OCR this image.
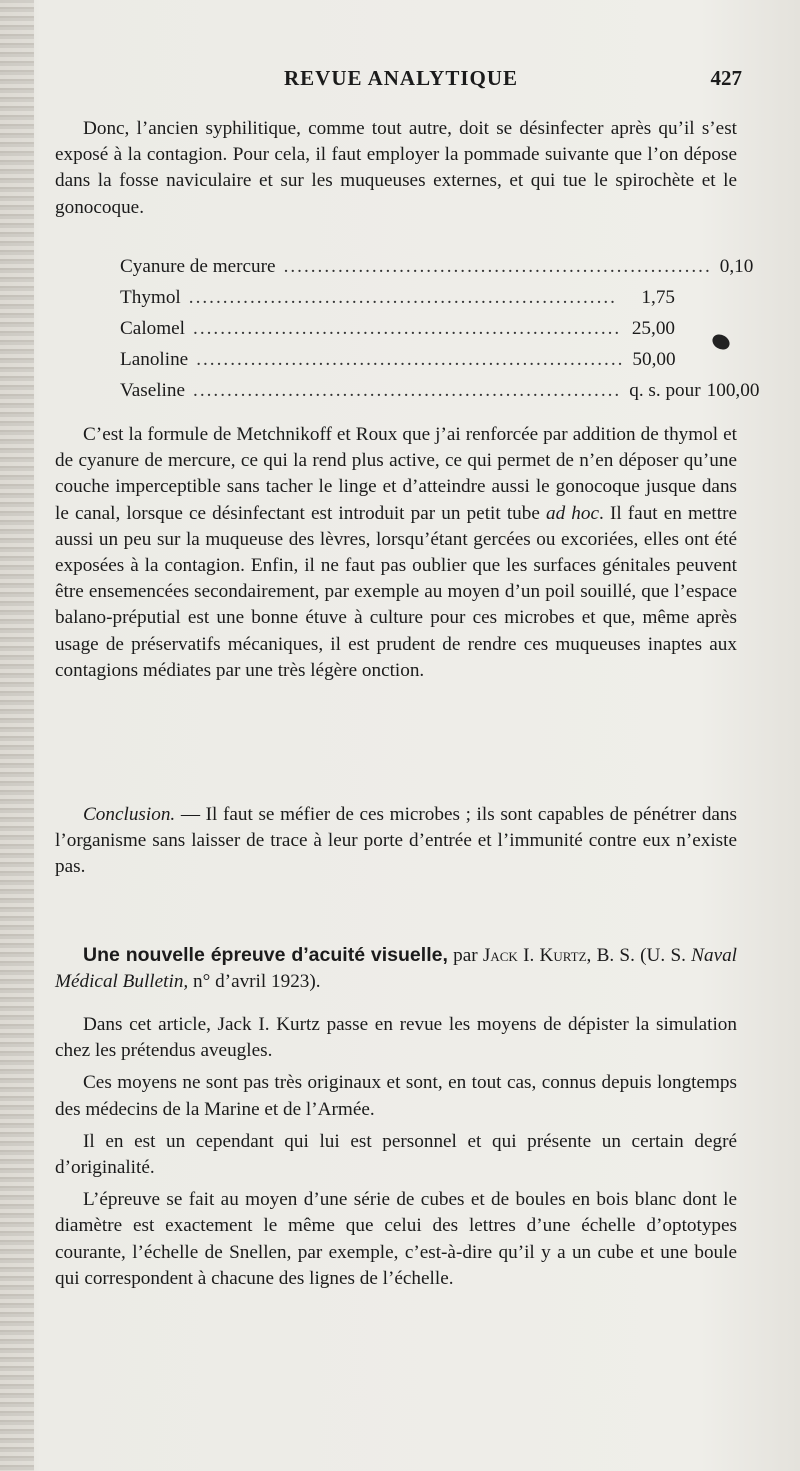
REVUE ANALYTIQUE	427

Donc, l’ancien syphilitique, comme tout autre, doit se désinfecter après qu’il s’est exposé à la contagion. Pour cela, il faut employer la pommade suivante que l’on dépose dans la fosse naviculaire et sur les muqueuses externes, et qui tue le spirochète et le gonocoque.

Cyanure de mercure ............................................................... 0,10
Thymol ...............................................................	1,75
Calomel ............................................................... 25,00
Lanoline ............................................................... 50,00
Vaseline ............................................................... q. s. pour 100,00

C’est la formule de Metchnikoff et Roux que j’ai renforcée par addition de thymol et de cyanure de mercure, ce qui la rend plus active, ce qui permet de n’en déposer qu’une couche imperceptible sans tacher le linge et d’atteindre aussi le gonocoque jusque dans le canal, lorsque ce désinfectant est introduit par un petit tube ad hoc. Il faut en mettre aussi un peu sur la muqueuse des lèvres, lorsqu’étant gercées ou excoriées, elles ont été exposées à la contagion. Enfin, il ne faut pas oublier que les surfaces génitales peuvent être ensemencées secondairement, par exemple au moyen d’un poil souillé, que l’espace balano-préputial est une bonne étuve à culture pour ces microbes et que, même après usage de préservatifs mécaniques, il est prudent de rendre ces muqueuses inaptes aux contagions médiates par une très légère onction.

Conclusion. — Il faut se méfier de ces microbes ; ils sont capables de pénétrer dans l’organisme sans laisser de trace à leur porte d’entrée et l’immunité contre eux n’existe pas.

Une nouvelle épreuve d’acuité visuelle, par Jack I. Kurtz, B. S. (U. S. Naval Médical Bulletin, n° d’avril 1923).

Dans cet article, Jack I. Kurtz passe en revue les moyens de dépister la simulation chez les prétendus aveugles.

Ces moyens ne sont pas très originaux et sont, en tout cas, connus depuis longtemps des médecins de la Marine et de l’Armée.

Il en est un cependant qui lui est personnel et qui présente un certain degré d’originalité.

L’épreuve se fait au moyen d’une série de cubes et de boules en bois blanc dont le diamètre est exactement le même que celui des lettres d’une échelle d’optotypes courante, l’échelle de Snellen, par exemple, c’est-à-dire qu’il y a un cube et une boule qui correspondent à chacune des lignes de l’échelle.
